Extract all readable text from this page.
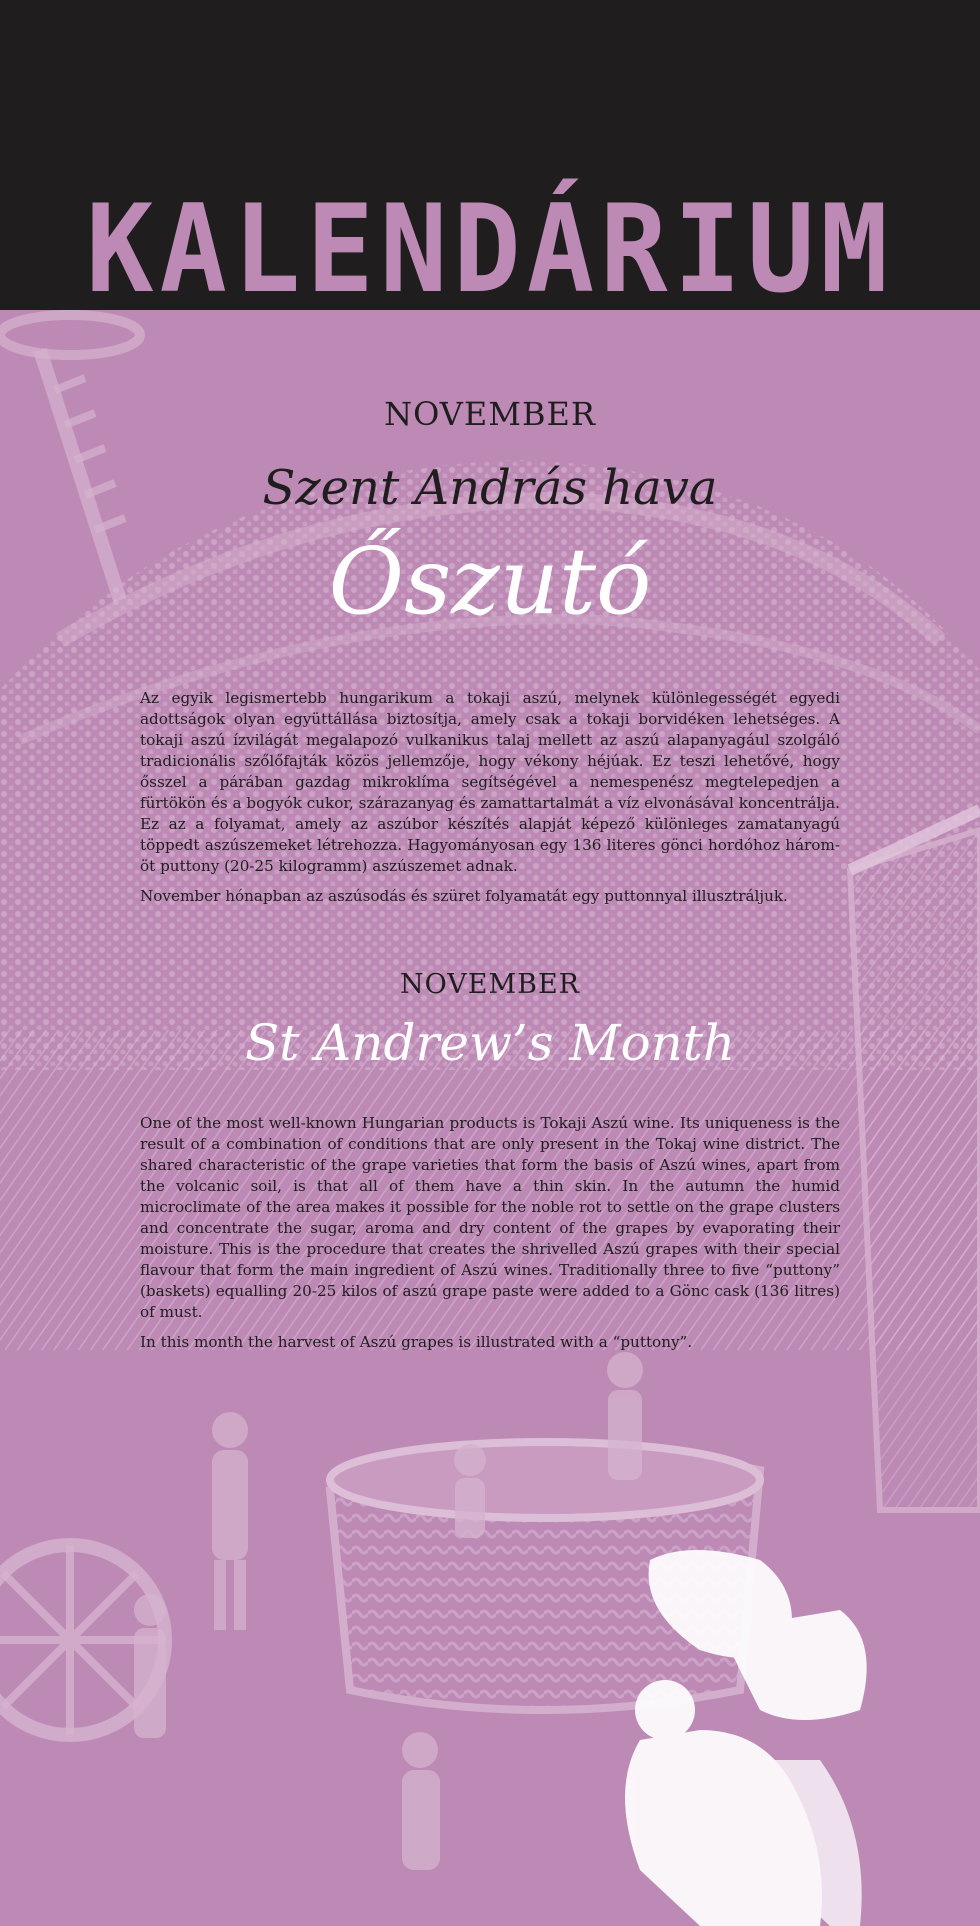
KALENDÁRIUM

NOVEMBER

Szent András hava

Őszutó

Az egyik legismertebb hungarikum a tokaji aszú, melynek különlegességét egyedi adottságok olyan együttállása biztosítja, amely csak a tokaji borvidéken lehetséges. A tokaji aszú ízvilágát megalapozó vulkanikus talaj mellett az aszú alapanyagául szolgáló tradicionális szőlőfajták közös jellemzője, hogy vékony héjúak. Ez teszi lehetővé, hogy ősszel a párában gazdag mikroklíma segítségével a nemespenész megtelepedjen a fürtökön és a bogyók cukor, szárazanyag és zamattartalmát a víz elvonásával koncentrálja. Ez az a folyamat, amely az aszúbor készítés alapját képező különleges zamatanyagú töppedt aszúszemeket létrehozza. Hagyományosan egy 136 literes gönci hordóhoz három-öt puttony (20-25 kilogramm) aszúszemet adnak.

November hónapban az aszúsodás és szüret folyamatát egy puttonnyal illusztráljuk.

NOVEMBER

St Andrew’s Month

One of the most well-known Hungarian products is Tokaji Aszú wine. Its uniqueness is the result of a combination of conditions that are only present in the Tokaj wine district. The shared characteristic of the grape varieties that form the basis of Aszú wines, apart from the volcanic soil, is that all of them have a thin skin. In the autumn the humid microclimate of the area makes it possible for the noble rot to settle on the grape clusters and concentrate the sugar, aroma and dry content of the grapes by evaporating their moisture. This is the procedure that creates the shrivelled Aszú grapes with their special flavour that form the main ingredient of Aszú wines. Traditionally three to five “puttony” (baskets) equalling 20-25 kilos of aszú grape paste were added to a Gönc cask (136 litres) of must.

In this month the harvest of Aszú grapes is illustrated with a “puttony”.
